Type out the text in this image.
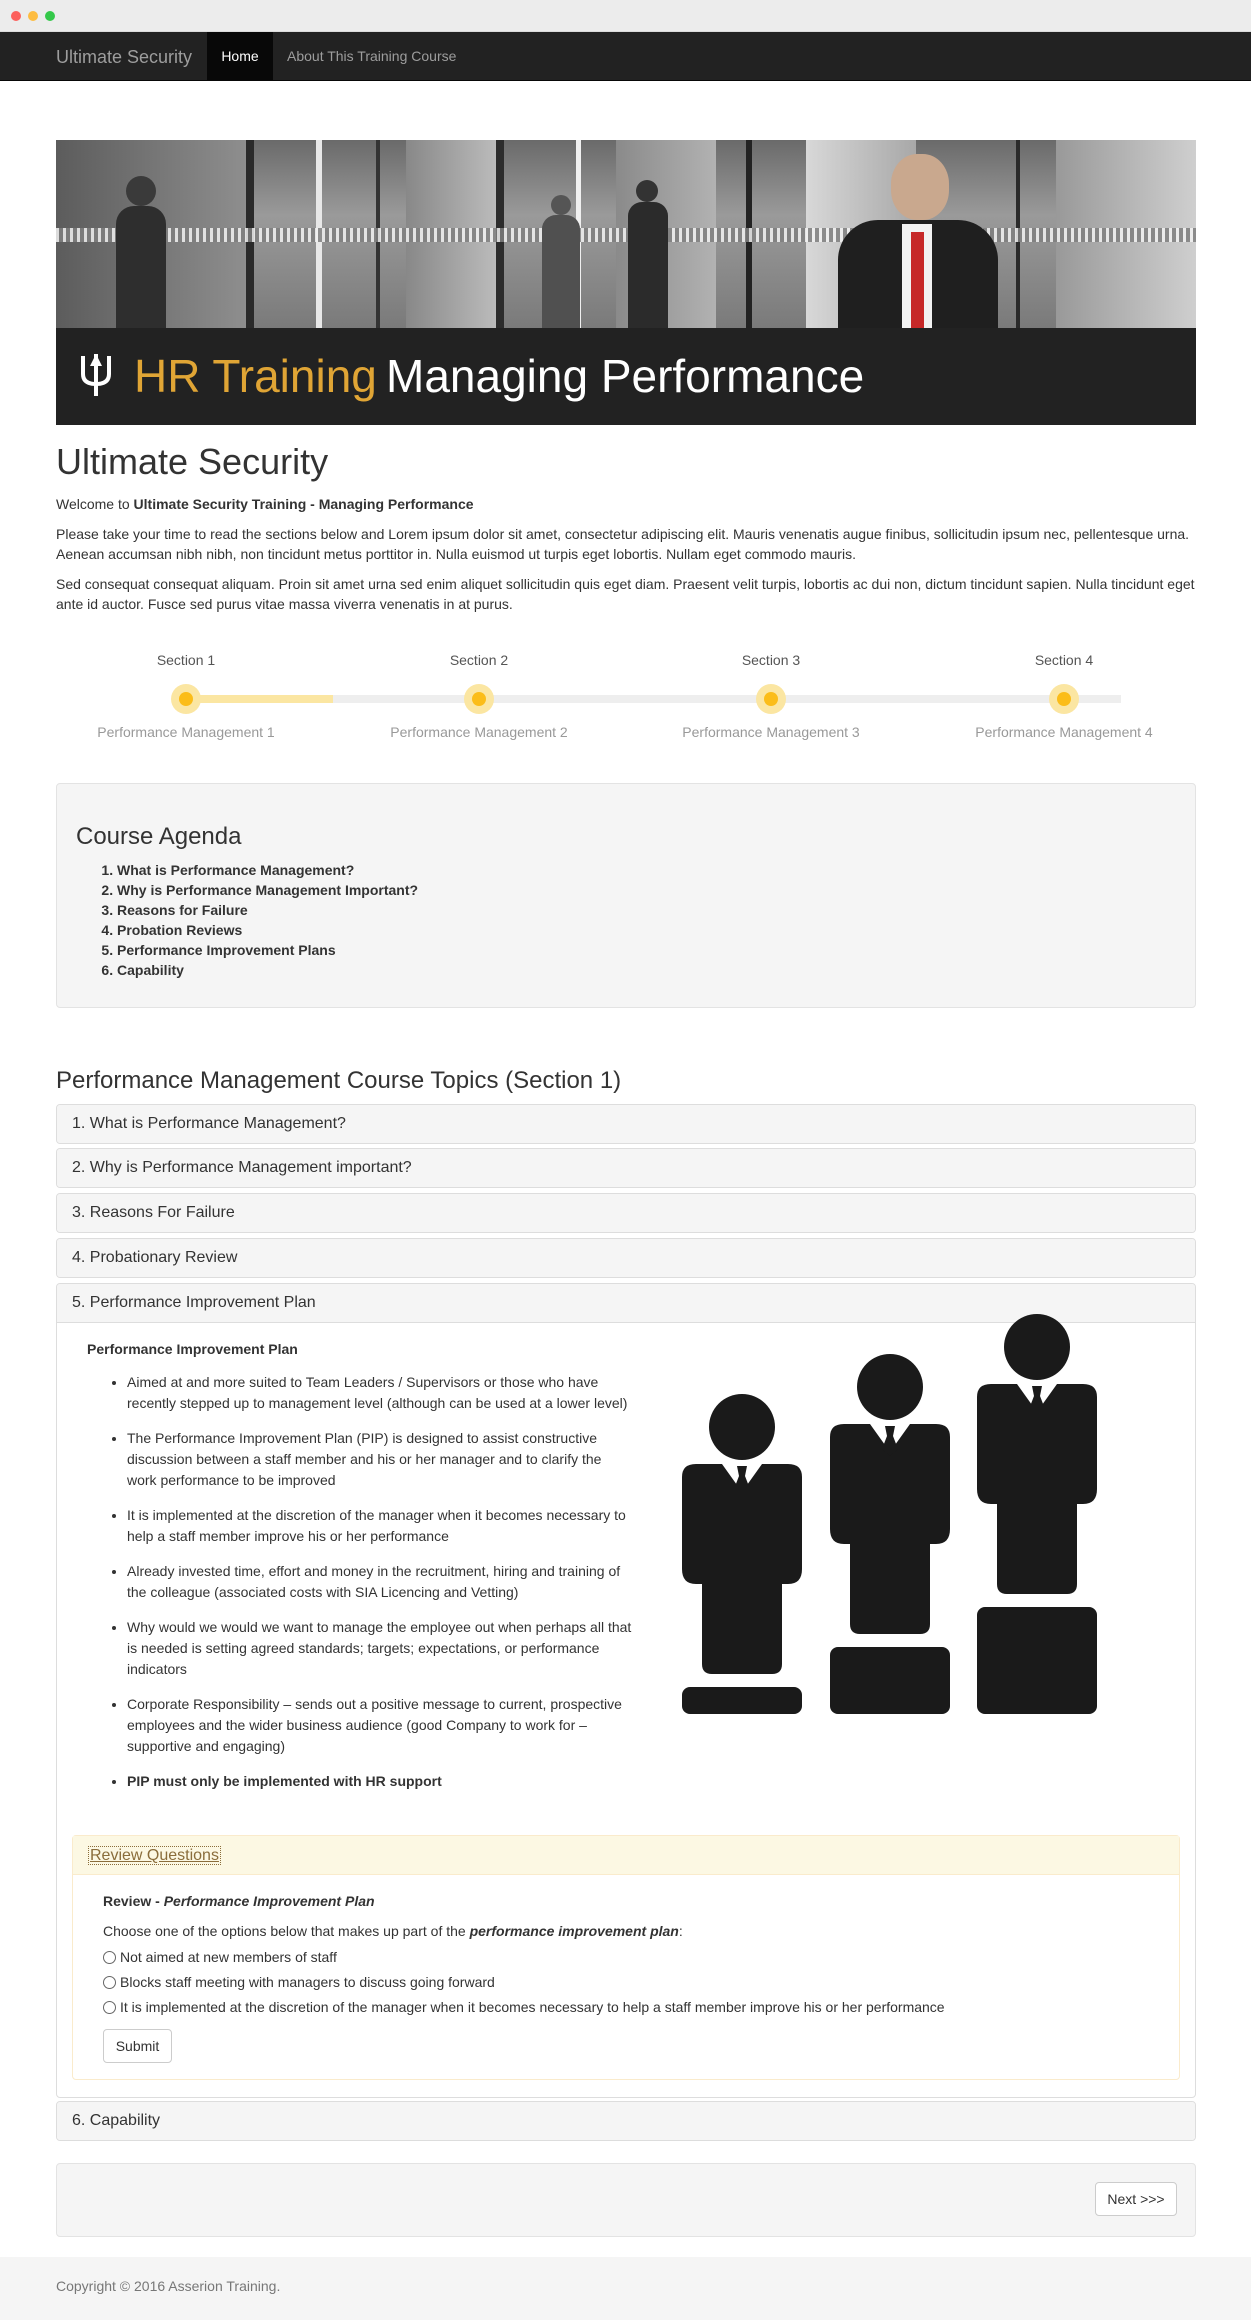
Ultimate Security	Home	About This Training Course
HR Training Managing Performance
Ultimate Security
Welcome to Ultimate Security Training - Managing Performance
Please take your time to read the sections below and Lorem ipsum dolor sit amet, consectetur adipiscing elit. Mauris venenatis augue finibus, sollicitudin ipsum nec, pellentesque urna. Aenean accumsan nibh nibh, non tincidunt metus porttitor in. Nulla euismod ut turpis eget lobortis. Nullam eget commodo mauris.
Sed consequat consequat aliquam. Proin sit amet urna sed enim aliquet sollicitudin quis eget diam. Praesent velit turpis, lobortis ac dui non, dictum tincidunt sapien. Nulla tincidunt eget ante id auctor. Fusce sed purus vitae massa viverra venenatis in at purus.
Section 1
Performance Management 1
Section 2
Performance Management 2
Section 3
Performance Management 3
Section 4
Performance Management 4
Course Agenda
1. What is Performance Management?
2. Why is Performance Management Important?
3. Reasons for Failure
4. Probation Reviews
5. Performance Improvement Plans
6. Capability
Performance Management Course Topics (Section 1)
1. What is Performance Management?
2. Why is Performance Management important?
3. Reasons For Failure
4. Probationary Review
5. Performance Improvement Plan
Performance Improvement Plan
• Aimed at and more suited to Team Leaders / Supervisors or those who have recently stepped up to management level (although can be used at a lower level)
• The Performance Improvement Plan (PIP) is designed to assist constructive discussion between a staff member and his or her manager and to clarify the work performance to be improved
• It is implemented at the discretion of the manager when it becomes necessary to help a staff member improve his or her performance
• Already invested time, effort and money in the recruitment, hiring and training of the colleague (associated costs with SIA Licencing and Vetting)
• Why would we would we want to manage the employee out when perhaps all that is needed is setting agreed standards; targets; expectations, or performance indicators
• Corporate Responsibility – sends out a positive message to current, prospective employees and the wider business audience (good Company to work for – supportive and engaging)
• PIP must only be implemented with HR support
Review Questions
Review - Performance Improvement Plan
Choose one of the options below that makes up part of the performance improvement plan:
Not aimed at new members of staff
Blocks staff meeting with managers to discuss going forward
It is implemented at the discretion of the manager when it becomes necessary to help a staff member improve his or her performance
Submit
6. Capability
Next >>>
Copyright © 2016 Asserion Training.
